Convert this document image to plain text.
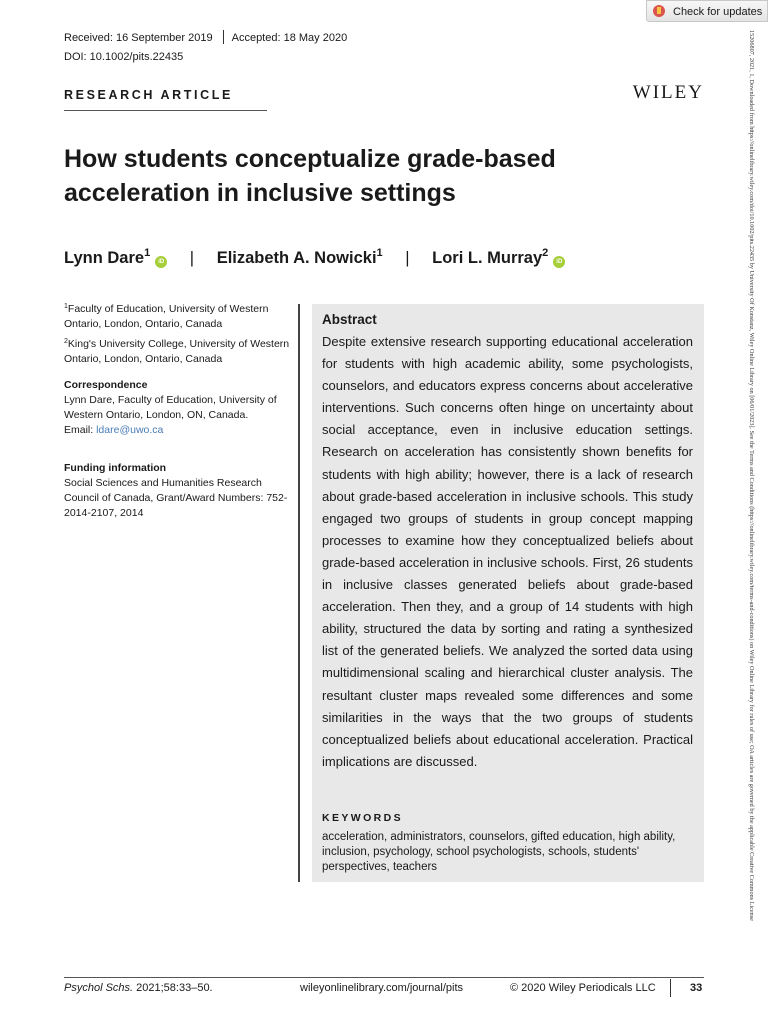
Received: 16 September 2019 Accepted: 18 May 2020
DOI: 10.1002/pits.22435
RESEARCH ARTICLE	WILEY
Check for updates
How students conceptualize grade-based acceleration in inclusive settings
Lynn Dare$^1$iD | Elizabeth A. Nowicki$^1$ | Lori L. Murray$^2$iD
$^1$Faculty of Education, University of Western Ontario, London, Ontario, Canada
$^2$King's University College, University of Western Ontario, London, Ontario, Canada
Correspondence

Lynn Dare, Faculty of Education, University of Western Ontario, London, ON, Canada.
Email: ldare@uwo.ca

Funding information

Social Sciences and Humanities Research Council of Canada, Grant/Award Numbers: 752-2014-2107, 2014

Abstract
Despite extensive research supporting educational acceleration for students with high academic ability, some psychologists, counselors, and educators express concerns about accelerative interventions. Such concerns often hinge on uncertainty about social acceptance, even in inclusive education settings. Research on acceleration has consistently shown benefits for students with high ability; however, there is a lack of research about grade-based acceleration in inclusive schools. This study engaged two groups of students in group concept mapping processes to examine how they conceptualized beliefs about grade-based acceleration in inclusive schools. First, 26 students in inclusive classes generated beliefs about grade-based acceleration. Then they, and a group of 14 students with high ability, structured the data by sorting and rating a synthesized list of the generated beliefs. We analyzed the sorted data using multidimensional scaling and hierarchical cluster analysis. The resultant cluster maps revealed some differences and some similarities in the ways that the two groups of students conceptualized beliefs about educational acceleration. Practical implications are discussed.
KEYWORDS
acceleration, administrators, counselors, gifted education, high ability, inclusion, psychology, school psychologists, schools, students' perspectives, teachers	15206807, 2021, 1, Downloaded from https://onlinelibrary.wiley.com/doi/10.1002/pits.22435 by University Of Konstanz, Wiley Online Library on [06/01/2023]. See the Terms and Conditions (https://onlinelibrary.wiley.com/terms-and-conditions) on Wiley Online Library for rules of use; OA articles are governed by the applicable Creative Commons License
Psychol Schs. 2021;58:33–50.	wileyonlinelibrary.com/journal/pits	© 2020 Wiley Periodicals LLC	33
